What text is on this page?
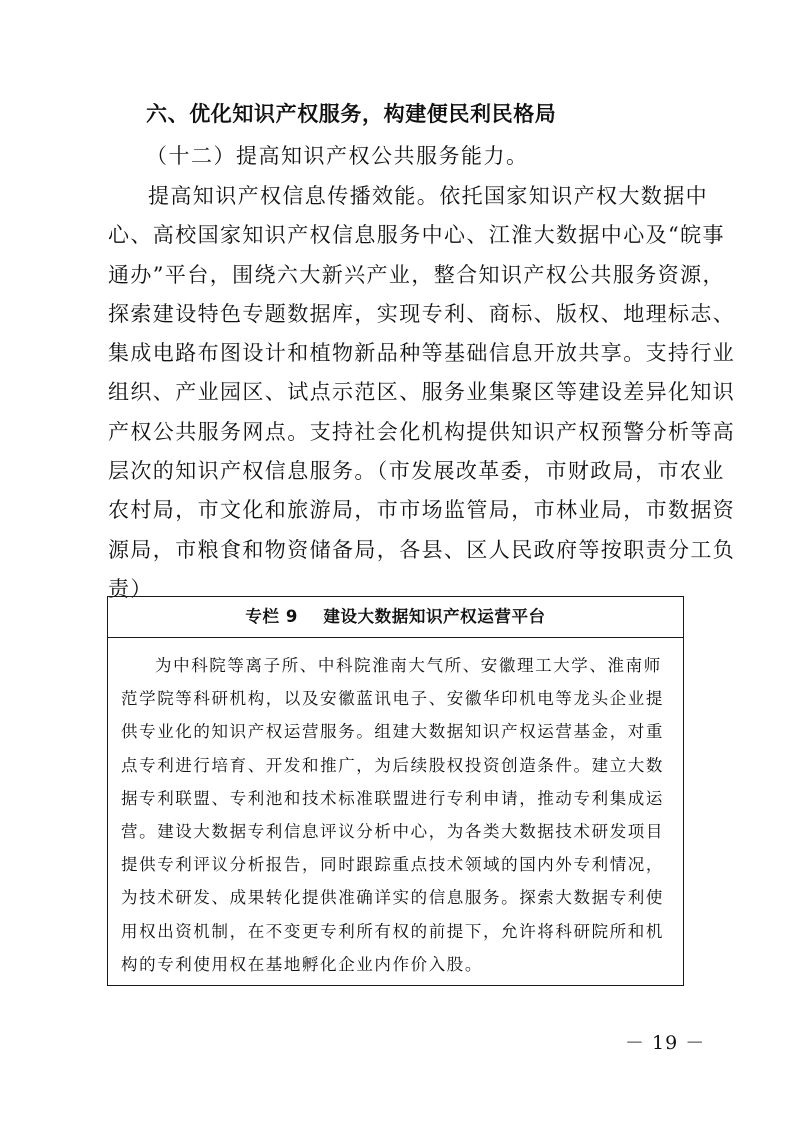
六、优化知识产权服务，构建便民利民格局
（十二）提高知识产权公共服务能力。
提高知识产权信息传播效能。依托国家知识产权大数据中
心、高校国家知识产权信息服务中心、江淮大数据中心及“皖事
通办”平台，围绕六大新兴产业，整合知识产权公共服务资源，
探索建设特色专题数据库，实现专利、商标、版权、地理标志、
集成电路布图设计和植物新品种等基础信息开放共享。支持行业
组织、产业园区、试点示范区、服务业集聚区等建设差异化知识
产权公共服务网点。支持社会化机构提供知识产权预警分析等高
层次的知识产权信息服务。（市发展改革委，市财政局，市农业
农村局，市文化和旅游局，市市场监管局，市林业局，市数据资
源局，市粮食和物资储备局，各县、区人民政府等按职责分工负
责）
专栏 9    建设大数据知识产权运营平台
为中科院等离子所、中科院淮南大气所、安徽理工大学、淮南师
范学院等科研机构，以及安徽蓝讯电子、安徽华印机电等龙头企业提
供专业化的知识产权运营服务。组建大数据知识产权运营基金，对重
点专利进行培育、开发和推广，为后续股权投资创造条件。建立大数
据专利联盟、专利池和技术标准联盟进行专利申请，推动专利集成运
营。建设大数据专利信息评议分析中心，为各类大数据技术研发项目
提供专利评议分析报告，同时跟踪重点技术领域的国内外专利情况，
为技术研发、成果转化提供准确详实的信息服务。探索大数据专利使
用权出资机制，在不变更专利所有权的前提下，允许将科研院所和机
构的专利使用权在基地孵化企业内作价入股。
－ 19 －
